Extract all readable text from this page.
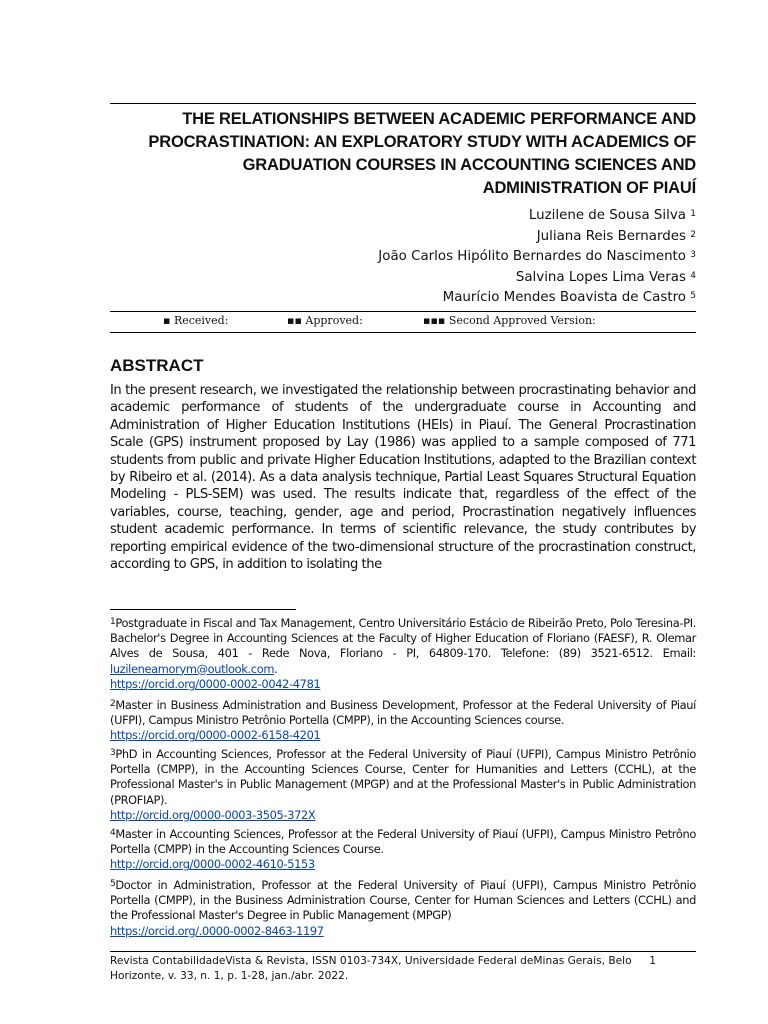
THE RELATIONSHIPS BETWEEN ACADEMIC PERFORMANCE AND PROCRASTINATION: AN EXPLORATORY STUDY WITH ACADEMICS OF GRADUATION COURSES IN ACCOUNTING SCIENCES AND ADMINISTRATION OF PIAUÍ
Luzilene de Sousa Silva $^1$
Juliana Reis Bernardes $^2$
João Carlos Hipólito Bernardes do Nascimento $^3$
Salvina Lopes Lima Veras $^4$
Maurício Mendes Boavista de Castro $^5$
▪ Received:	▪▪ Approved:	▪▪▪ Second Approved Version:
ABSTRACT
In the present research, we investigated the relationship between procrastinating behavior and academic performance of students of the undergraduate course in Accounting and Administration of Higher Education Institutions (HEIs) in Piauí. The General Procrastination Scale (GPS) instrument proposed by Lay (1986) was applied to a sample composed of 771 students from public and private Higher Education Institutions, adapted to the Brazilian context by Ribeiro et al. (2014). As a data analysis technique, Partial Least Squares Structural Equation Modeling - PLS-SEM) was used. The results indicate that, regardless of the effect of the variables, course, teaching, gender, age and period, Procrastination negatively influences student academic performance. In terms of scientific relevance, the study contributes by reporting empirical evidence of the two-dimensional structure of the procrastination construct, according to GPS, in addition to isolating the
$^1$Postgraduate in Fiscal and Tax Management, Centro Universitário Estácio de Ribeirão Preto, Polo Teresina-PI. Bachelor's Degree in Accounting Sciences at the Faculty of Higher Education of Floriano (FAESF), R. Olemar Alves de Sousa, 401 - Rede Nova, Floriano - PI, 64809-170. Telefone: (89) 3521-6512. Email: luzileneamorym@outlook.com.
https://orcid.org/0000-0002-0042-4781
$^2$Master in Business Administration and Business Development, Professor at the Federal University of Piauí (UFPI), Campus Ministro Petrônio Portella (CMPP), in the Accounting Sciences course.
https://orcid.org/0000-0002-6158-4201
$^3$PhD in Accounting Sciences, Professor at the Federal University of Piauí (UFPI), Campus Ministro Petrônio Portella (CMPP), in the Accounting Sciences Course, Center for Humanities and Letters (CCHL), at the Professional Master's in Public Management (MPGP) and at the Professional Master's in Public Administration (PROFIAP).
http://orcid.org/0000-0003-3505-372X
$^4$Master in Accounting Sciences, Professor at the Federal University of Piauí (UFPI), Campus Ministro Petrôno Portella (CMPP) in the Accounting Sciences Course.
http://orcid.org/0000-0002-4610-5153
$^5$Doctor in Administration, Professor at the Federal University of Piauí (UFPI), Campus Ministro Petrônio Portella (CMPP), in the Business Administration Course, Center for Human Sciences and Letters (CCHL) and the Professional Master's Degree in Public Management (MPGP)
https://orcid.org/.0000-0002-8463-1197
Revista ContabilidadeVista & Revista, ISSN 0103-734X, Universidade Federal deMinas Gerais, Belo Horizonte, v. 33, n. 1, p. 1-28, jan./abr. 2022.
1
